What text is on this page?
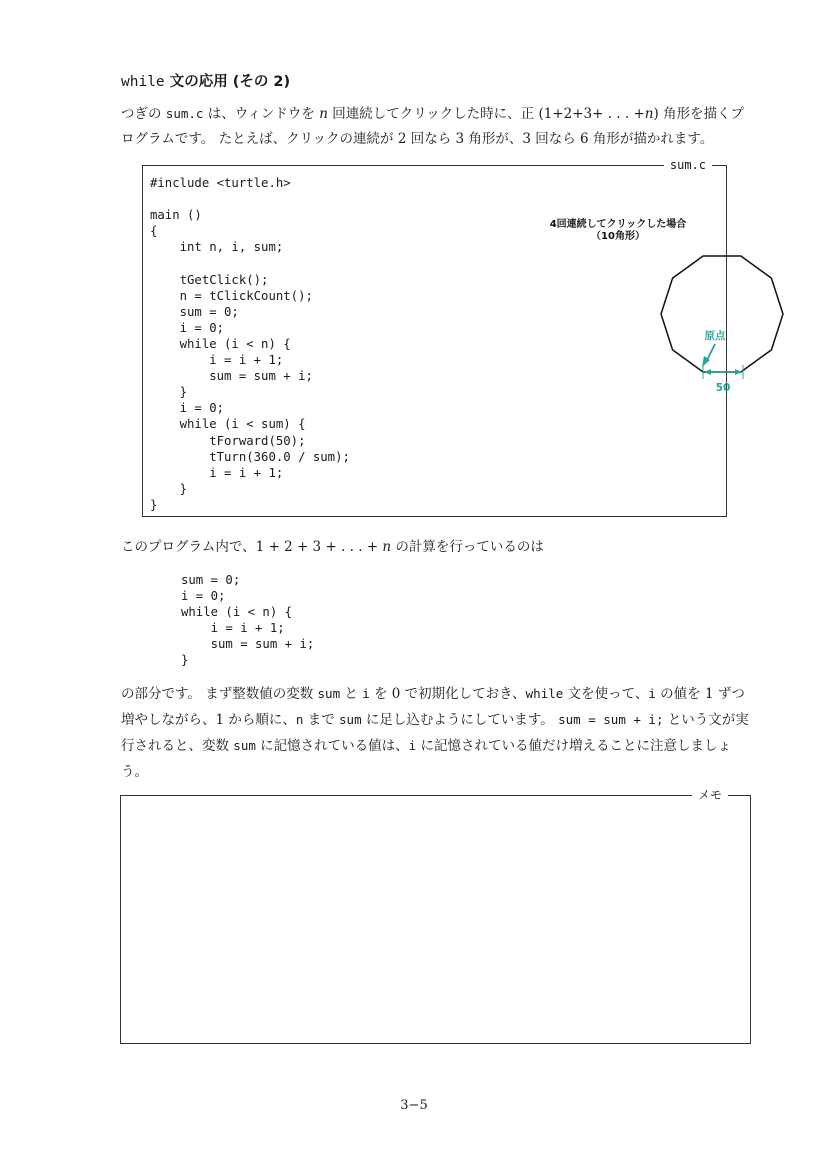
while 文の応用 (その 2)
つぎの sum.c は、ウィンドウを n 回連続してクリックした時に、正 (1+2+3+ . . . +n) 角形を描くプログラムです。 たとえば、クリックの連続が 2 回なら 3 角形が、3 回なら 6 角形が描かれます。
sum.c
#include <turtle.h>

main ()
{
int n, i, sum;

tGetClick();
n = tClickCount();
sum = 0;
i = 0;
while (i < n) {
i = i + 1;
sum = sum + i;
}
i = 0;
while (i < sum) {
tForward(50);
tTurn(360.0 / sum);
i = i + 1;
}
}
4回連続してクリックした場合
（10角形）
原点
50
このプログラム内で、1 + 2 + 3 + . . . + n の計算を行っているのは
sum = 0;
i = 0;
while (i < n) {
i = i + 1;
sum = sum + i;
}
の部分です。 まず整数値の変数 sum と i を 0 で初期化しておき、while 文を使って、i の値を 1 ずつ増やしながら、1 から順に、n まで sum に足し込むようにしています。 sum = sum + i; という文が実行されると、変数 sum に記憶されている値は、i に記憶されている値だけ増えることに注意しましょう。
メモ
3−5
